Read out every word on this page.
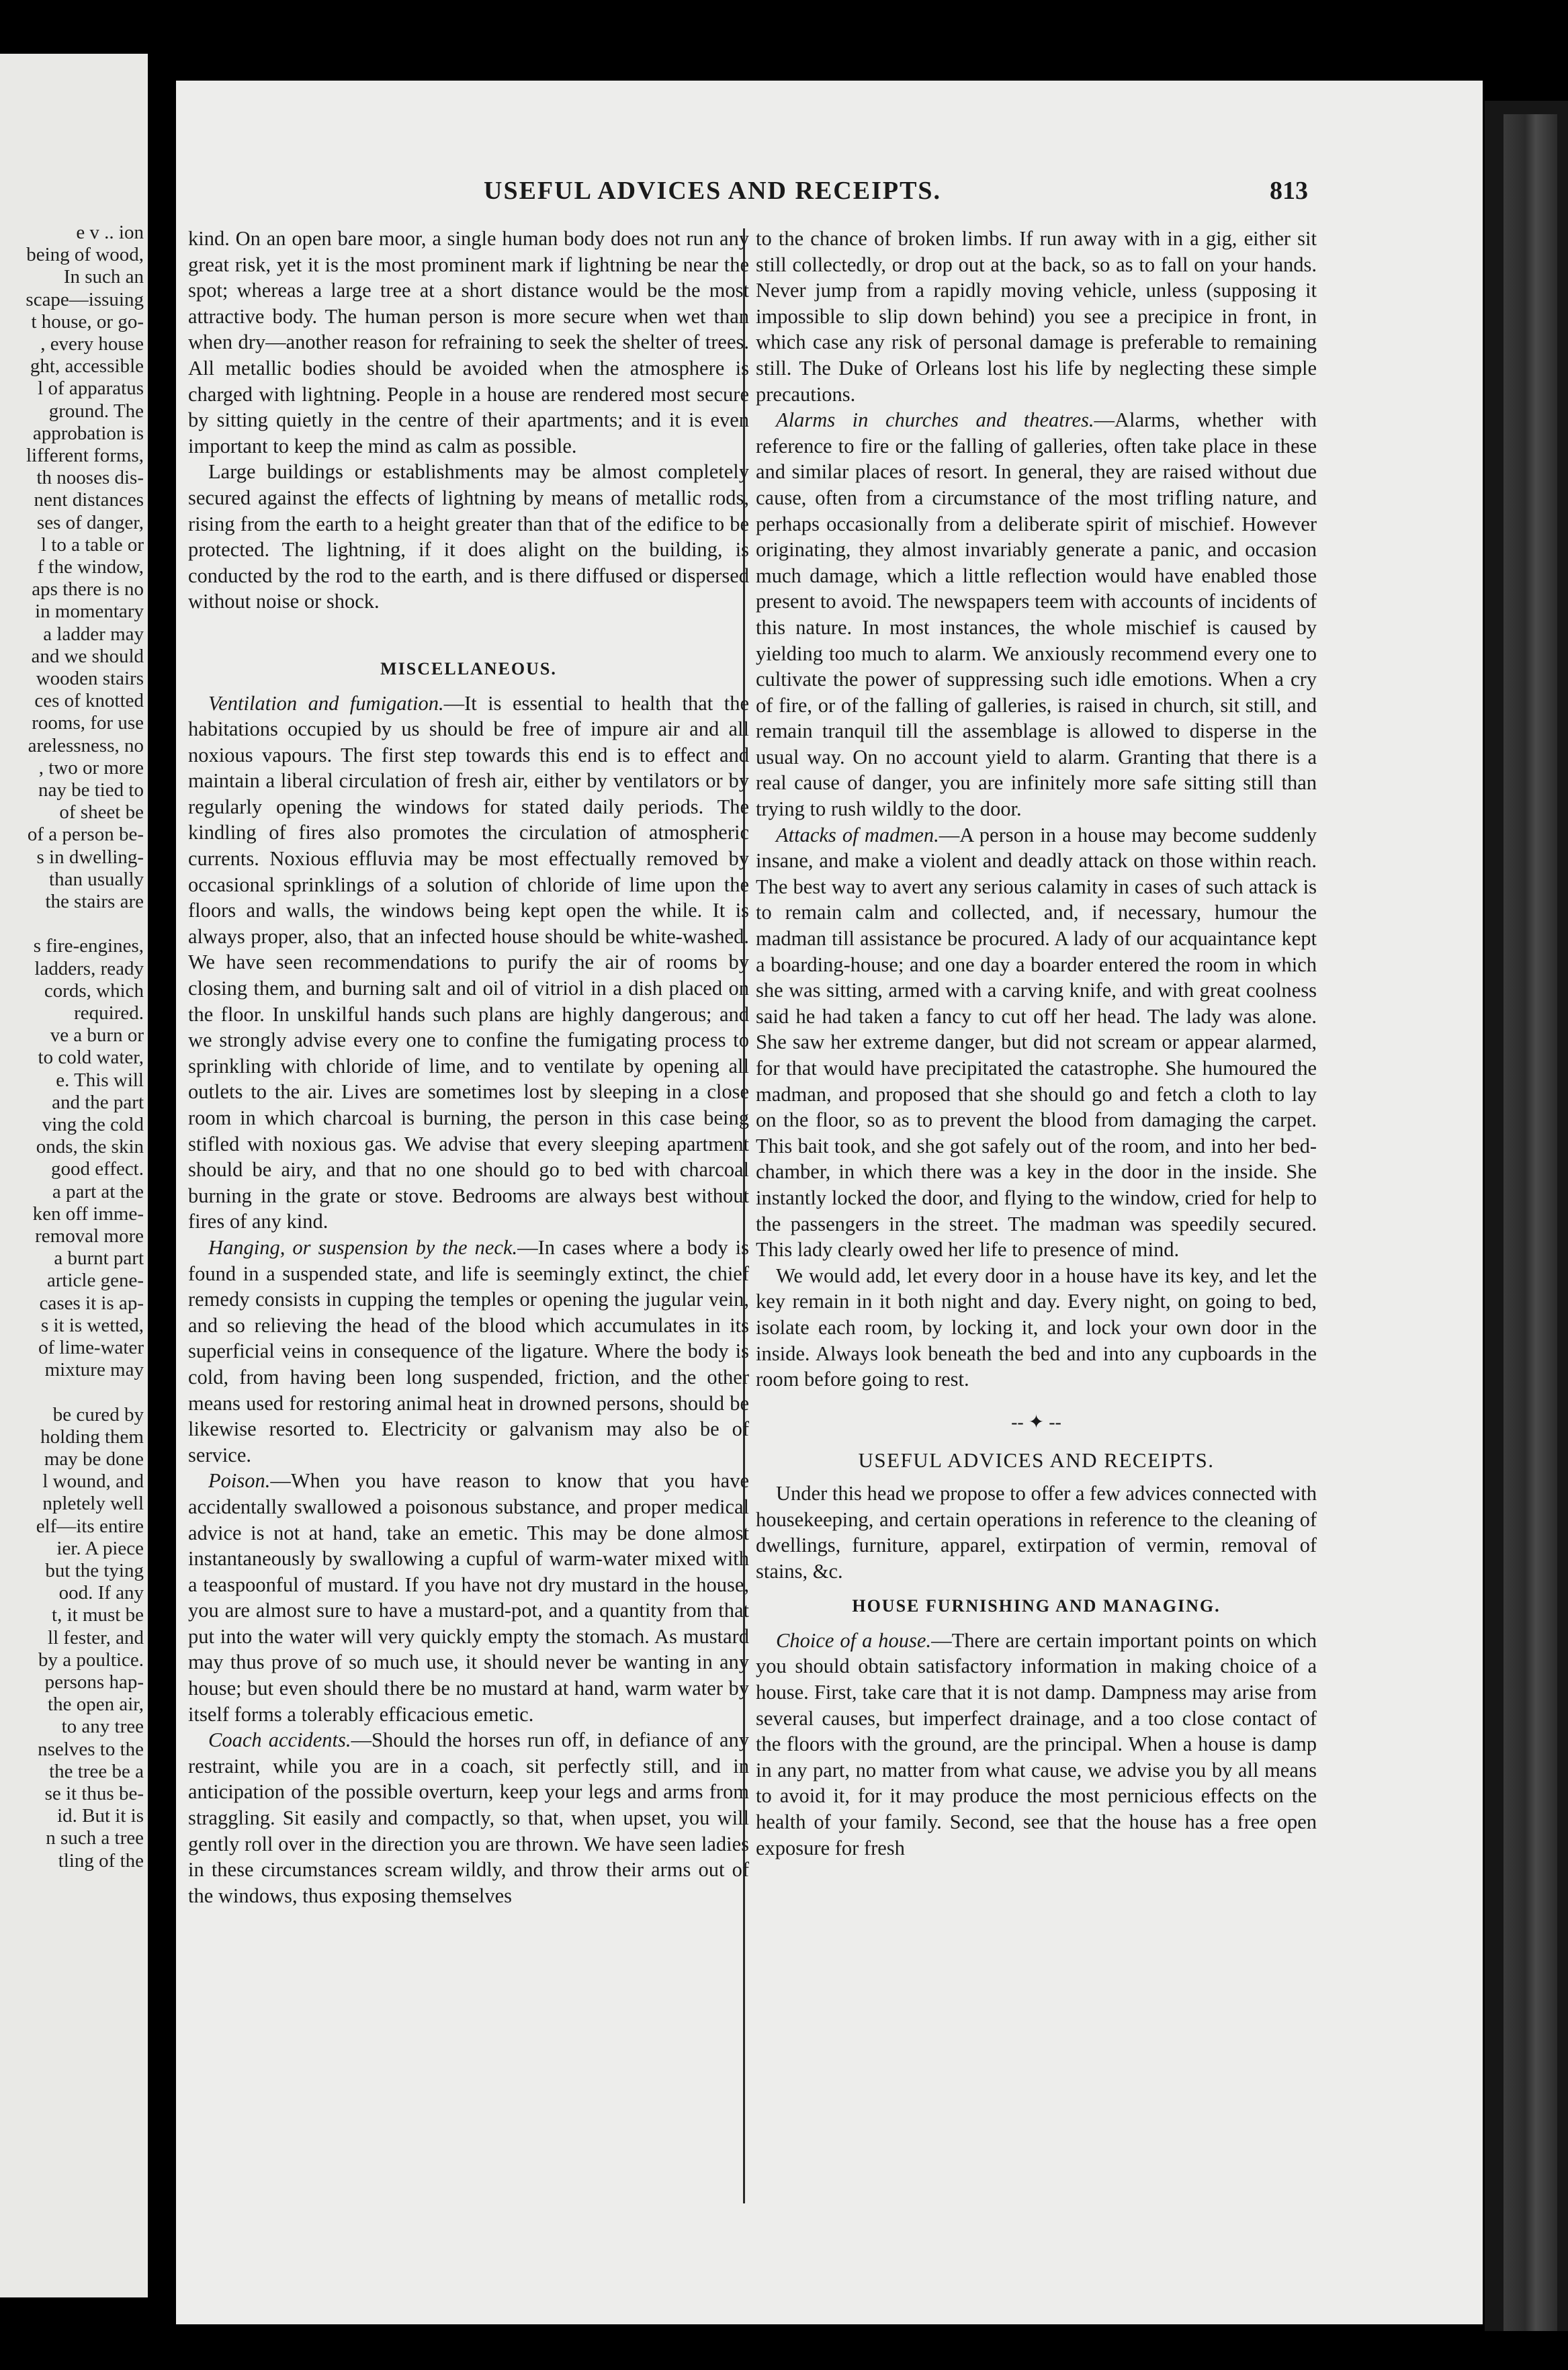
e v .. ion
being of wood,
In such an
scape—issuing
t house, or go-
, every house
ght, accessible
l of apparatus
ground. The
approbation is
lifferent forms,
th nooses dis-
nent distances
ses of danger,
l to a table or
f the window,
aps there is no
in momentary
a ladder may
and we should
wooden stairs
ces of knotted
rooms, for use
arelessness, no
, two or more
nay be tied to
of sheet be
of a person be-
s in dwelling-
than usually
the stairs are
s fire-engines,
ladders, ready
cords, which
required.
ve a burn or
to cold water,
e. This will
and the part
ving the cold
onds, the skin
good effect.
a part at the
ken off imme-
removal more
a burnt part
article gene-
cases it is ap-
s it is wetted,
of lime-water
mixture may
be cured by
holding them
may be done
l wound, and
npletely well
elf—its entire
ier. A piece
but the tying
ood. If any
t, it must be
ll fester, and
by a poultice.
persons hap-
the open air,
to any tree
nselves to the
the tree be a
se it thus be-
id. But it is
n such a tree
tling of the
USEFUL ADVICES AND RECEIPTS.	813

kind. On an open bare moor, a single human body does not run any great risk, yet it is the most prominent mark if lightning be near the spot; whereas a large tree at a short distance would be the most attractive body. The human person is more secure when wet than when dry—another reason for refraining to seek the shelter of trees. All metallic bodies should be avoided when the atmosphere is charged with lightning. People in a house are rendered most secure by sitting quietly in the centre of their apartments; and it is even important to keep the mind as calm as possible.

Large buildings or establishments may be almost completely secured against the effects of lightning by means of metallic rods, rising from the earth to a height greater than that of the edifice to be protected. The lightning, if it does alight on the building, is conducted by the rod to the earth, and is there diffused or dispersed without noise or shock.

MISCELLANEOUS.

Ventilation and fumigation.—It is essential to health that the habitations occupied by us should be free of impure air and all noxious vapours. The first step towards this end is to effect and maintain a liberal circulation of fresh air, either by ventilators or by regularly opening the windows for stated daily periods. The kindling of fires also promotes the circulation of atmospheric currents. Noxious effluvia may be most effectually removed by occasional sprinklings of a solution of chloride of lime upon the floors and walls, the windows being kept open the while. It is always proper, also, that an infected house should be white-washed. We have seen recommendations to purify the air of rooms by closing them, and burning salt and oil of vitriol in a dish placed on the floor. In unskilful hands such plans are highly dangerous; and we strongly advise every one to confine the fumigating process to sprinkling with chloride of lime, and to ventilate by opening all outlets to the air. Lives are sometimes lost by sleeping in a close room in which charcoal is burning, the person in this case being stifled with noxious gas. We advise that every sleeping apartment should be airy, and that no one should go to bed with charcoal burning in the grate or stove. Bedrooms are always best without fires of any kind.

Hanging, or suspension by the neck.—In cases where a body is found in a suspended state, and life is seemingly extinct, the chief remedy consists in cupping the temples or opening the jugular vein, and so relieving the head of the blood which accumulates in its superficial veins in consequence of the ligature. Where the body is cold, from having been long suspended, friction, and the other means used for restoring animal heat in drowned persons, should be likewise resorted to. Electricity or galvanism may also be of service.

Poison.—When you have reason to know that you have accidentally swallowed a poisonous substance, and proper medical advice is not at hand, take an emetic. This may be done almost instantaneously by swallowing a cupful of warm-water mixed with a teaspoonful of mustard. If you have not dry mustard in the house, you are almost sure to have a mustard-pot, and a quantity from that put into the water will very quickly empty the stomach. As mustard may thus prove of so much use, it should never be wanting in any house; but even should there be no mustard at hand, warm water by itself forms a tolerably efficacious emetic.

Coach accidents.—Should the horses run off, in defiance of any restraint, while you are in a coach, sit perfectly still, and in anticipation of the possible overturn, keep your legs and arms from straggling. Sit easily and compactly, so that, when upset, you will gently roll over in the direction you are thrown. We have seen ladies in these circumstances scream wildly, and throw their arms out of the windows, thus exposing themselves

to the chance of broken limbs. If run away with in a gig, either sit still collectedly, or drop out at the back, so as to fall on your hands. Never jump from a rapidly moving vehicle, unless (supposing it impossible to slip down behind) you see a precipice in front, in which case any risk of personal damage is preferable to remaining still. The Duke of Orleans lost his life by neglecting these simple precautions.

Alarms in churches and theatres.—Alarms, whether with reference to fire or the falling of galleries, often take place in these and similar places of resort. In general, they are raised without due cause, often from a circumstance of the most trifling nature, and perhaps occasionally from a deliberate spirit of mischief. However originating, they almost invariably generate a panic, and occasion much damage, which a little reflection would have enabled those present to avoid. The newspapers teem with accounts of incidents of this nature. In most instances, the whole mischief is caused by yielding too much to alarm. We anxiously recommend every one to cultivate the power of suppressing such idle emotions. When a cry of fire, or of the falling of galleries, is raised in church, sit still, and remain tranquil till the assemblage is allowed to disperse in the usual way. On no account yield to alarm. Granting that there is a real cause of danger, you are infinitely more safe sitting still than trying to rush wildly to the door.

Attacks of madmen.—A person in a house may become suddenly insane, and make a violent and deadly attack on those within reach. The best way to avert any serious calamity in cases of such attack is to remain calm and collected, and, if necessary, humour the madman till assistance be procured. A lady of our acquaintance kept a boarding-house; and one day a boarder entered the room in which she was sitting, armed with a carving knife, and with great coolness said he had taken a fancy to cut off her head. The lady was alone. She saw her extreme danger, but did not scream or appear alarmed, for that would have precipitated the catastrophe. She humoured the madman, and proposed that she should go and fetch a cloth to lay on the floor, so as to prevent the blood from damaging the carpet. This bait took, and she got safely out of the room, and into her bed-chamber, in which there was a key in the door in the inside. She instantly locked the door, and flying to the window, cried for help to the passengers in the street. The madman was speedily secured. This lady clearly owed her life to presence of mind.

We would add, let every door in a house have its key, and let the key remain in it both night and day. Every night, on going to bed, isolate each room, by locking it, and lock your own door in the inside. Always look beneath the bed and into any cupboards in the room before going to rest.

-- ✦ --
USEFUL ADVICES AND RECEIPTS.

Under this head we propose to offer a few advices connected with housekeeping, and certain operations in reference to the cleaning of dwellings, furniture, apparel, extirpation of vermin, removal of stains, &c.

HOUSE FURNISHING AND MANAGING.

Choice of a house.—There are certain important points on which you should obtain satisfactory information in making choice of a house. First, take care that it is not damp. Dampness may arise from several causes, but imperfect drainage, and a too close contact of the floors with the ground, are the principal. When a house is damp in any part, no matter from what cause, we advise you by all means to avoid it, for it may produce the most pernicious effects on the health of your family. Second, see that the house has a free open exposure for fresh
